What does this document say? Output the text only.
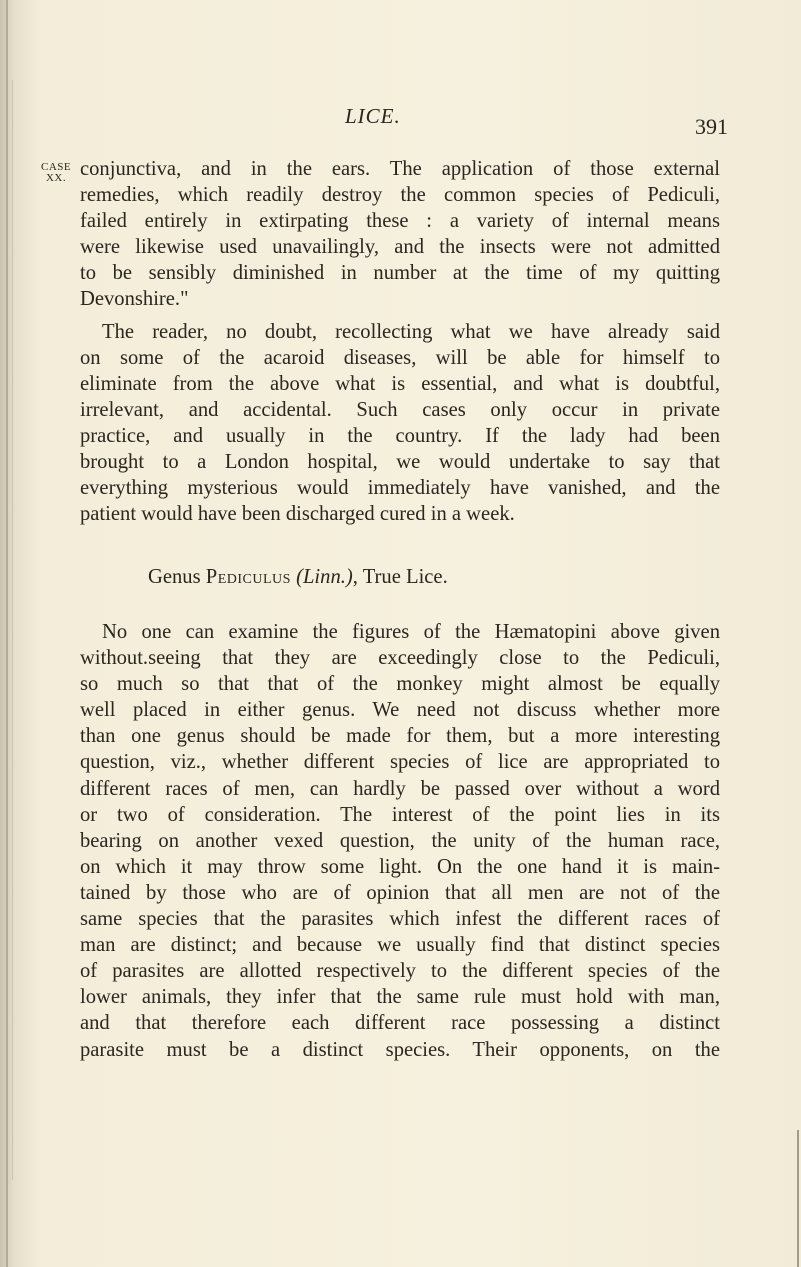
LICE.	391
CASE
XX. conjunctiva, and in the ears. The application of those external

remedies, which readily destroy the common species of Pediculi,

failed entirely in extirpating these : a variety of internal means

were likewise used unavailingly, and the insects were not admitted

to be sensibly diminished in number at the time of my quitting

Devonshire."

The reader, no doubt, recollecting what we have already said

on some of the acaroid diseases, will be able for himself to

eliminate from the above what is essential, and what is doubtful,

irrelevant, and accidental. Such cases only occur in private

practice, and usually in the country. If the lady had been

brought to a London hospital, we would undertake to say that

everything mysterious would immediately have vanished, and the

patient would have been discharged cured in a week.

Genus Pediculus (Linn.), True Lice.

No one can examine the figures of the Hæmatopini above given

without.seeing that they are exceedingly close to the Pediculi,

so much so that that of the monkey might almost be equally

well placed in either genus. We need not discuss whether more

than one genus should be made for them, but a more interesting

question, viz., whether different species of lice are appropriated to

different races of men, can hardly be passed over without a word

or two of consideration. The interest of the point lies in its

bearing on another vexed question, the unity of the human race,

on which it may throw some light. On the one hand it is main-

tained by those who are of opinion that all men are not of the

same species that the parasites which infest the different races of

man are distinct; and because we usually find that distinct species

of parasites are allotted respectively to the different species of the

lower animals, they infer that the same rule must hold with man,

and that therefore each different race possessing a distinct

parasite must be a distinct species. Their opponents, on the
